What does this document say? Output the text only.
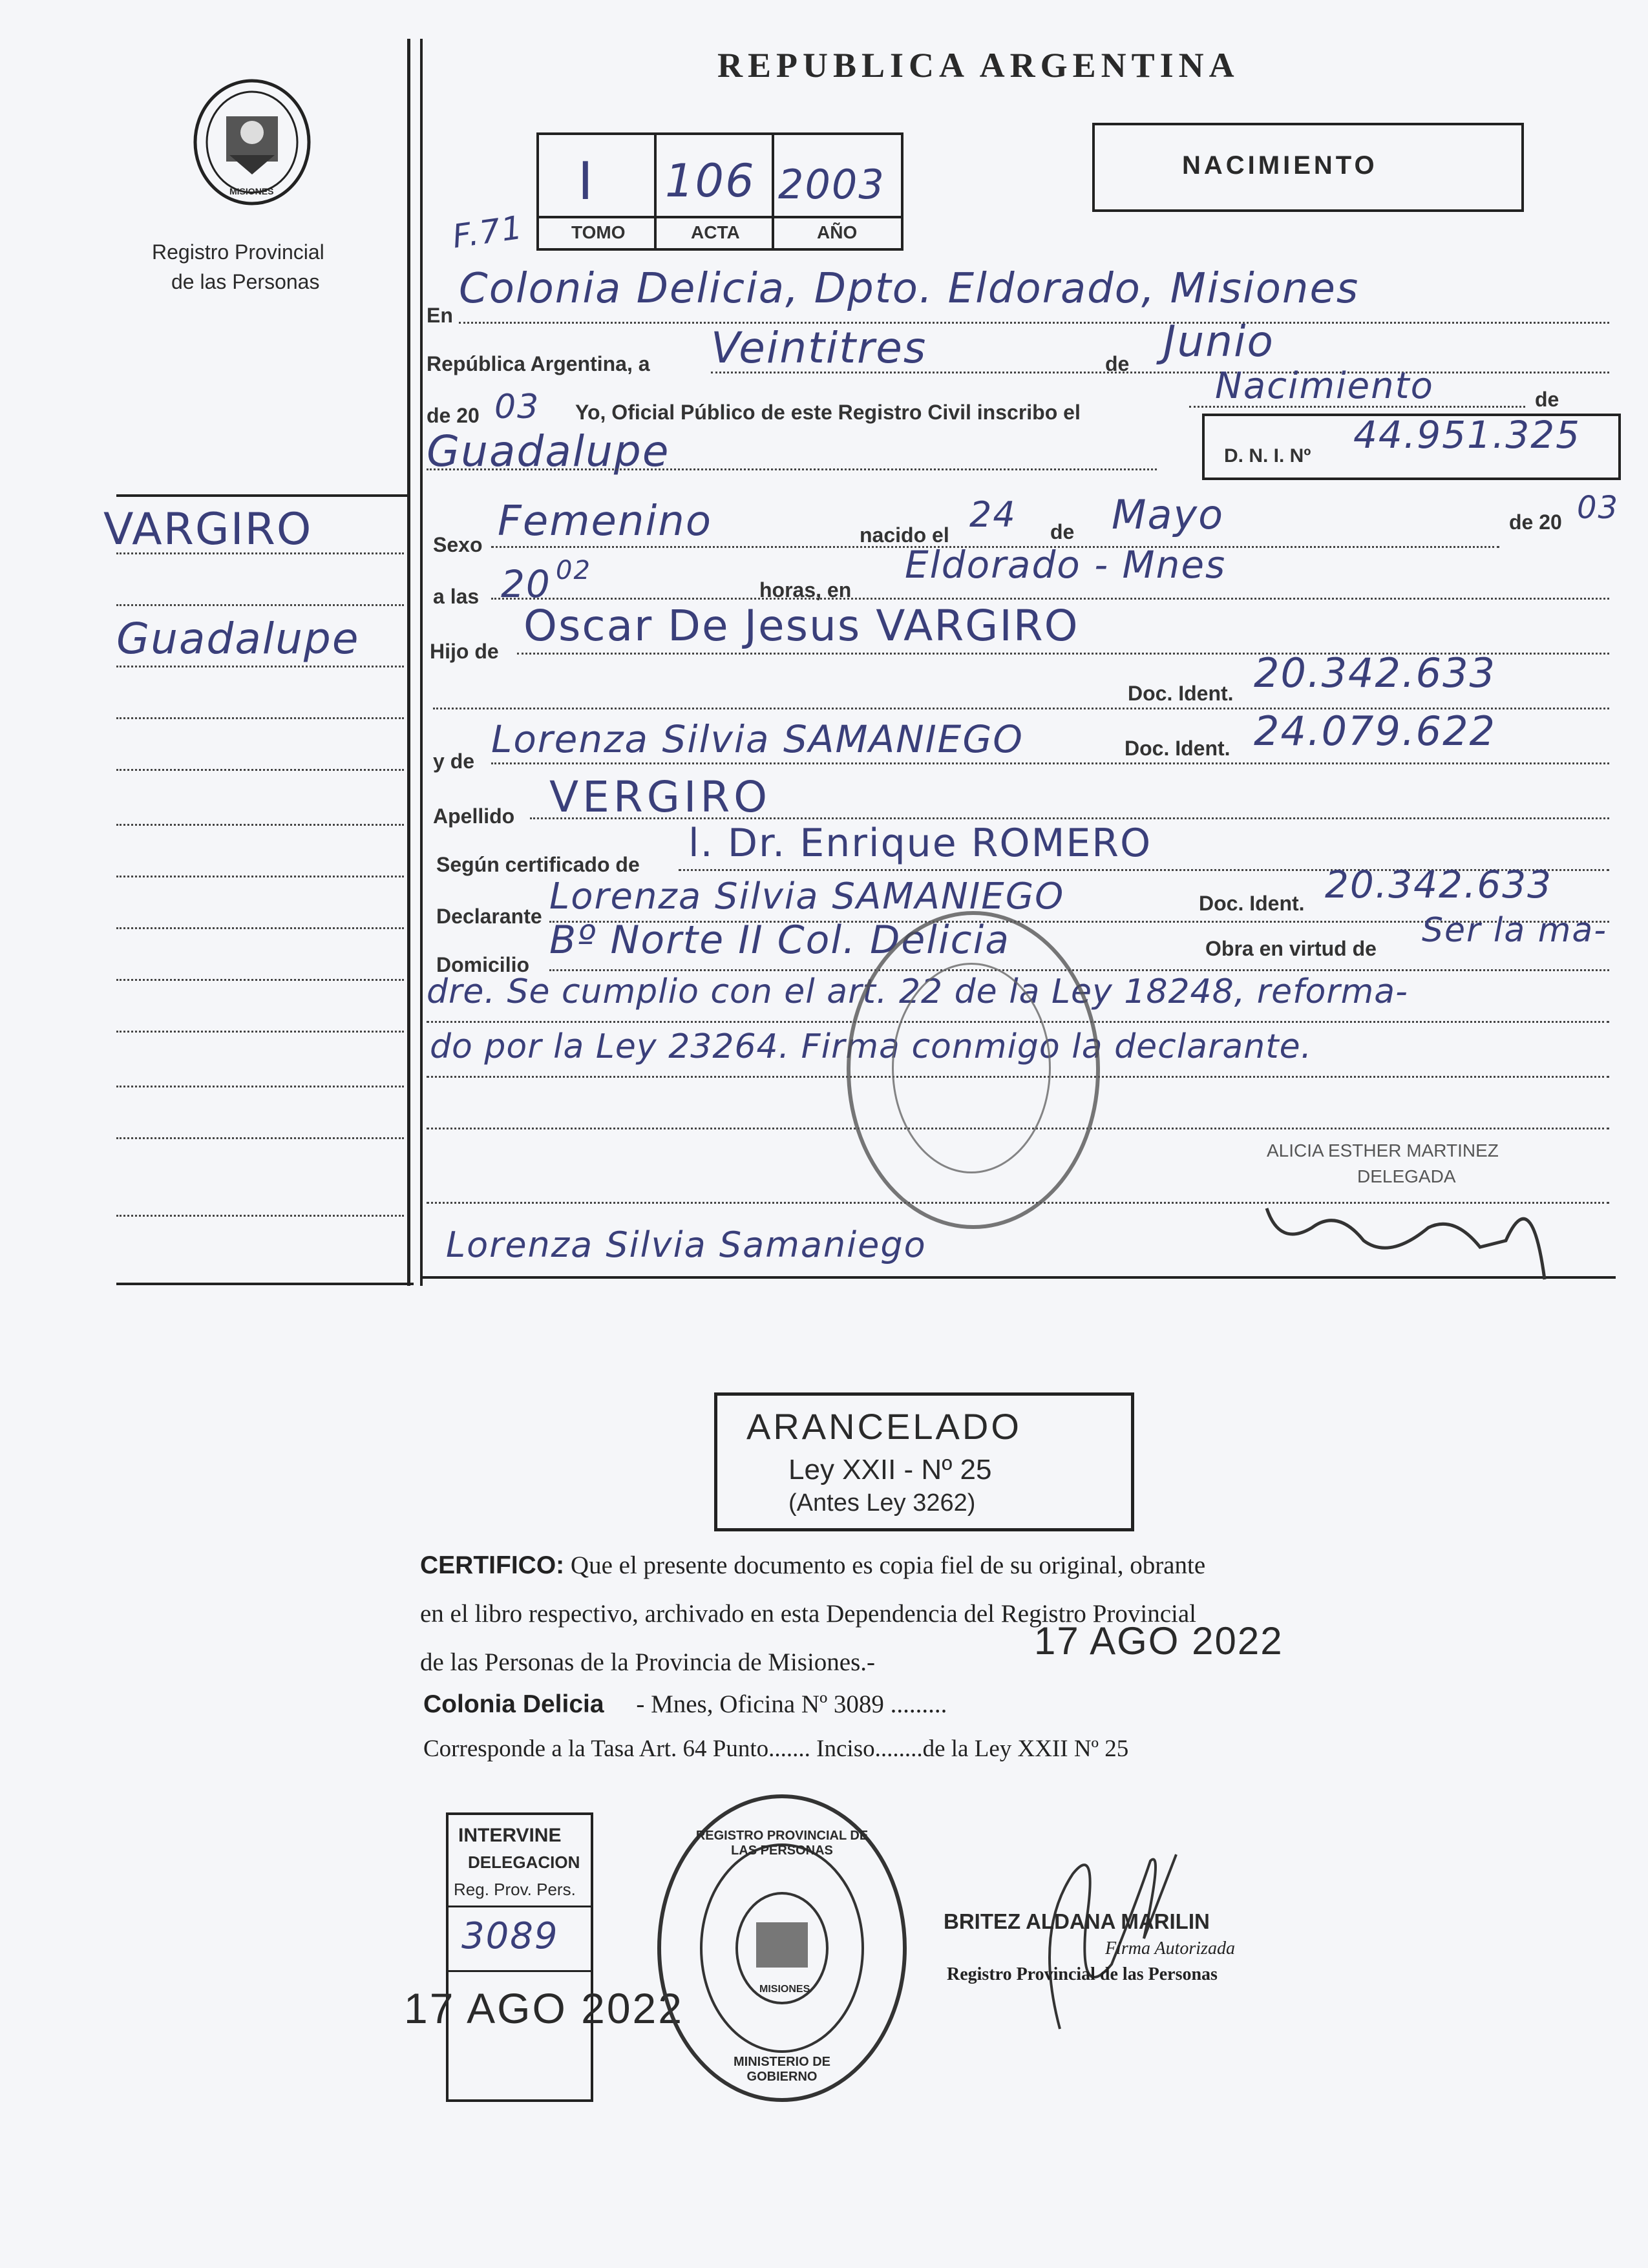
MISIONES
Registro Provincial
de las Personas
REPUBLICA ARGENTINA
I 106 2003
TOMO	ACTA	AÑO
NACIMIENTO
F.71
En
Colonia Delicia, Dpto. Eldorado, Misiones
República Argentina, a Veintitres	de Junio
de 20 03 Yo, Oficial Público de este Registro Civil inscribo el
Nacimiento	de
Guadalupe	D. N. I. Nº 44.951.325
VARGIRO
Guadalupe
Sexo Femenino	nacido el 24 de Mayo	de 20 03
a las 20 02
horas, en
Eldorado - Mnes
Hijo de
Oscar De Jesus VARGIRO
Doc. Ident. 20.342.633
y de Lorenza Silvia SAMANIEGO	Doc. Ident. 24.079.622
Apellido VERGIRO
Según certificado de l. Dr. Enrique ROMERO
Declarante Lorenza Silvia SAMANIEGO	Doc. Ident. 20.342.633
Domicilio
Bº Norte II Col. Delicia	Obra en virtud de Ser la ma-
dre. Se cumplio con el art. 22 de la Ley 18248, reforma-
do por la Ley 23264. Firma conmigo la declarante.
ALICIA ESTHER MARTINEZ
DELEGADA
Lorenza Silvia Samaniego
ARANCELADO
Ley XXII - Nº 25
(Antes Ley 3262)
CERTIFICO: Que el presente documento es copia fiel de su original, obrante
en el libro respectivo, archivado en esta Dependencia del Registro Provincial
de las Personas de la Provincia de Misiones.-	17 AGO 2022
Colonia Delicia - Mnes, Oficina Nº 3089 .........
Corresponde a la Tasa Art. 64 Punto....... Inciso........de la Ley XXII Nº 25
INTERVINE
DELEGACION
Reg. Prov. Pers.
3089
17 AGO 2022
REGISTRO PROVINCIAL DE LAS PERSONAS
MISIONES
MINISTERIO DE GOBIERNO
BRITEZ ALDANA MARILIN
Firma Autorizada
Registro Provincial de las Personas
